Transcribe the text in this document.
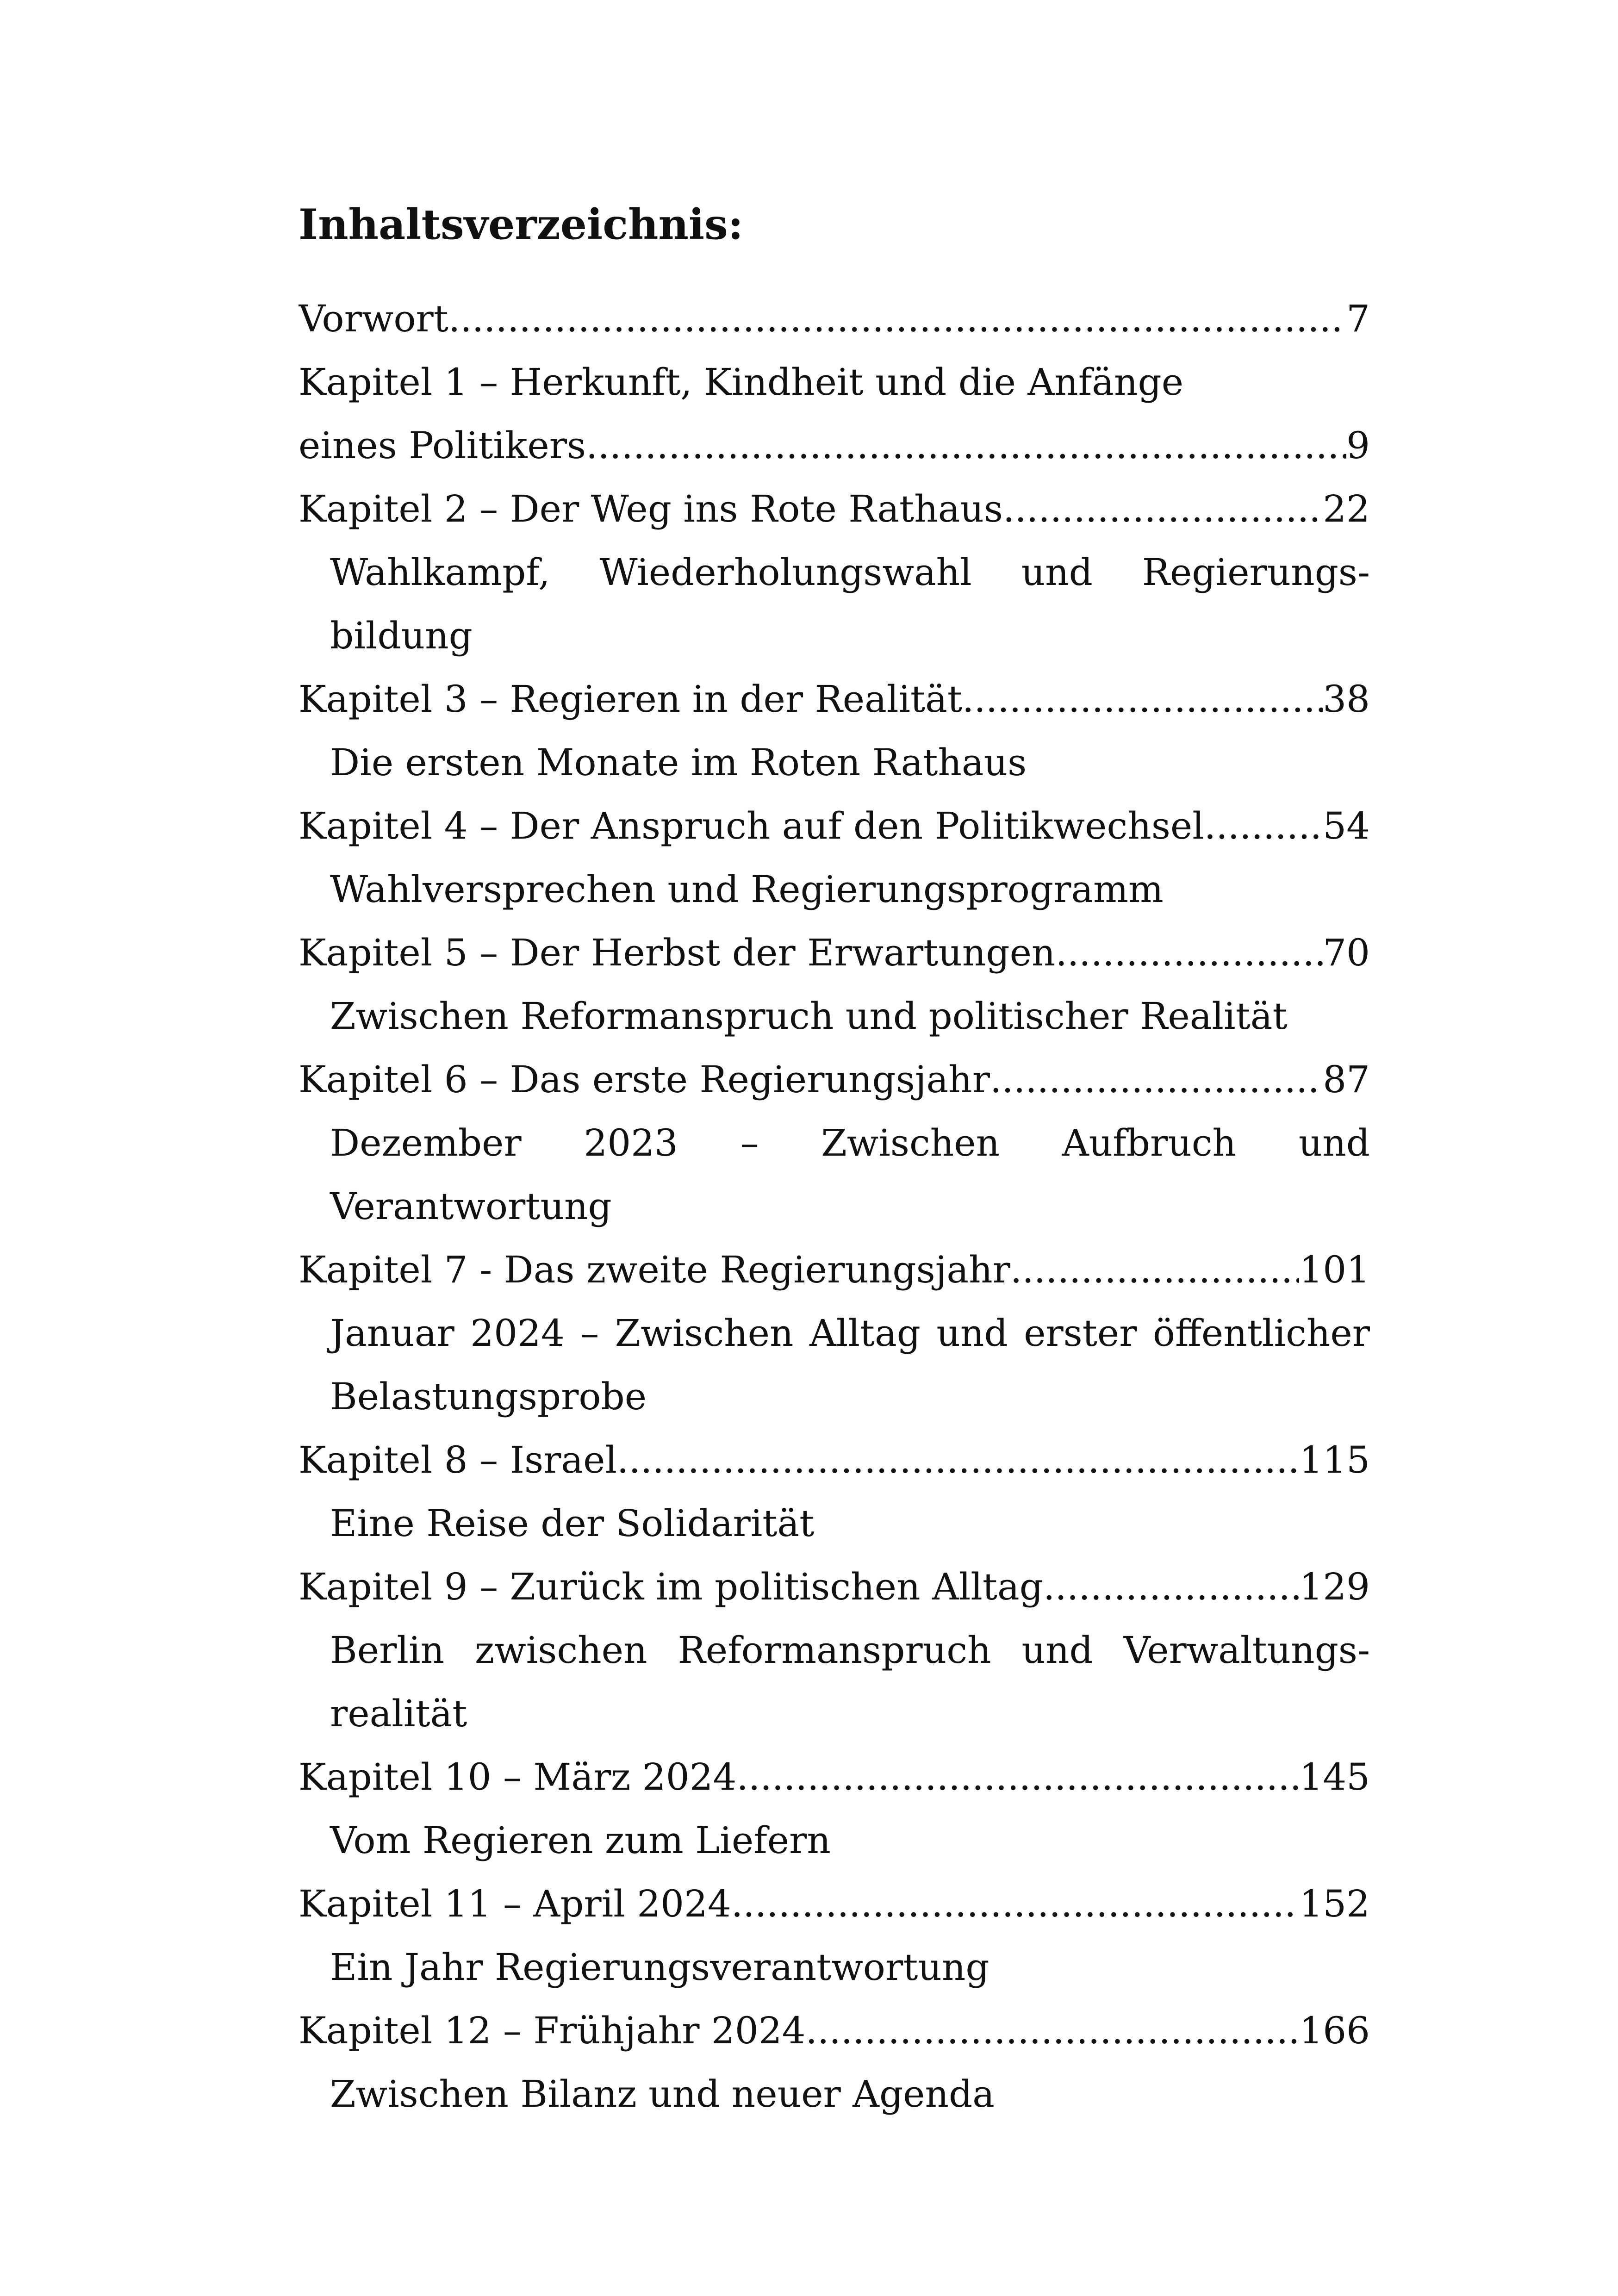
Inhaltsverzeichnis:
Vorwort .....	7
Kapitel 1 – Herkunft, Kindheit und die Anfänge
eines Politikers .....	9
Kapitel 2 – Der Weg ins Rote Rathaus .....	22
Wahlkampf, Wiederholungswahl und Regierungs-
bildung
Kapitel 3 – Regieren in der Realität .....	38
Die ersten Monate im Roten Rathaus
Kapitel 4 – Der Anspruch auf den Politikwechsel .....	54
Wahlversprechen und Regierungsprogramm
Kapitel 5 – Der Herbst der Erwartungen .....	70
Zwischen Reformanspruch und politischer Realität
Kapitel 6 – Das erste Regierungsjahr .....	87
Dezember 2023 – Zwischen Aufbruch und
Verantwortung
Kapitel 7 - Das zweite Regierungsjahr .....	101
Januar 2024 – Zwischen Alltag und erster öffentlicher
Belastungsprobe
Kapitel 8 – Israel .....	115
Eine Reise der Solidarität
Kapitel 9 – Zurück im politischen Alltag .....	129
Berlin zwischen Reformanspruch und Verwaltungs-
realität
Kapitel 10 – März 2024 .....	145
Vom Regieren zum Liefern
Kapitel 11 – April 2024 .....	152
Ein Jahr Regierungsverantwortung
Kapitel 12 – Frühjahr 2024 .....	166
Zwischen Bilanz und neuer Agenda
